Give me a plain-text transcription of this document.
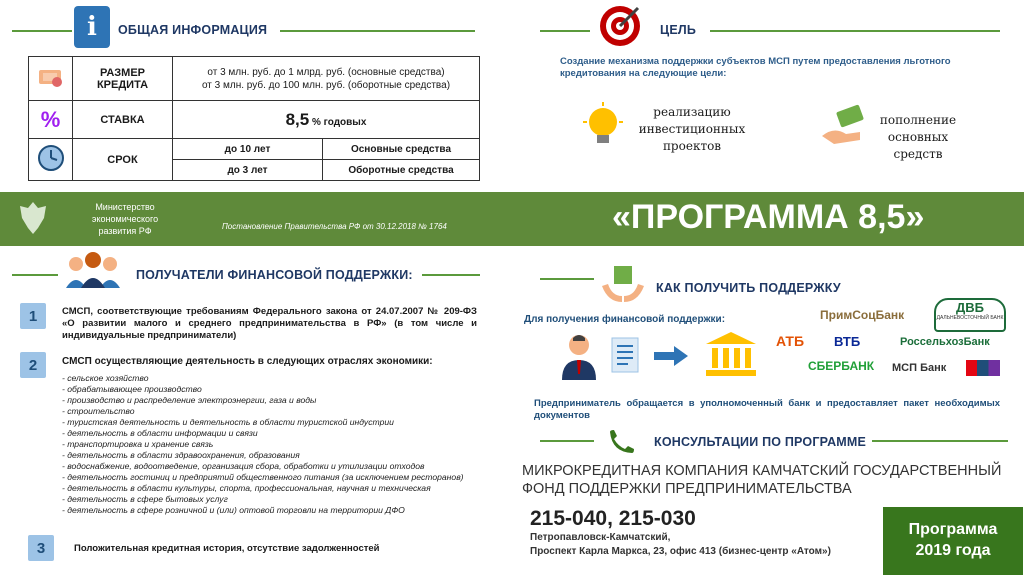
i	ОБЩАЯ ИНФОРМАЦИЯ
	РАЗМЕР КРЕДИТА	от 3 млн. руб. до 1 млрд. руб. (основные средства)
от 3 млн. руб. до 100 млн. руб. (оборотные средства)	

%	СТАВКА	8,5 % годовых	
	СРОК	до 10 лет	Основные средства
		до 3 лет	Оборотные средства
ЦЕЛЬ
Создание механизма поддержки субъектов МСП путем предоставления льготного кредитования на следующие цели:
реализацию инвестиционных проектов
пополнение основных средств
Министерство экономического развития РФ	Постановление Правительства РФ от 30.12.2018 № 1764	«ПРОГРАММА 8,5»
ПОЛУЧАТЕЛИ ФИНАНСОВОЙ ПОДДЕРЖКИ:
1	СМСП, соответствующие требованиям Федерального закона от 24.07.2007 № 209-ФЗ «О развитии малого и среднего предпринимательства в РФ» (в том числе и индивидуальные предприниматели)
2	СМСП осуществляющие деятельность в следующих отраслях экономики:
- сельское хозяйство
- обрабатывающее производство
- производство и распределение электроэнергии, газа и воды
- строительство
- туристская деятельность и деятельность в области туристской индустрии
- деятельность в области информации и связи
- транспортировка и хранение связь
- деятельность в области здравоохранения, образования
- водоснабжение, водоотведение, организация сбора, обработки и утилизации отходов
- деятельность гостиниц и предприятий общественного питания (за исключением ресторанов)
- деятельность в области культуры, спорта, профессиональная, научная и техническая
- деятельность в сфере бытовых услуг
- деятельность в сфере розничной и (или) оптовой торговли на территории ДФО
3	Положительная кредитная история, отсутствие задолженностей
КАК ПОЛУЧИТЬ ПОДДЕРЖКУ
Для получения финансовой поддержки:	ПримСоцБанк	ДВБ
ДАЛЬНЕВОСТОЧНЫЙ БАНК
АТБ ВТБ	РоссельхозБанк
СБЕРБАНК МСП Банк
Предприниматель обращается в уполномоченный банк и предоставляет пакет необходимых документов
КОНСУЛЬТАЦИИ ПО ПРОГРАММЕ
МИКРОКРЕДИТНАЯ КОМПАНИЯ КАМЧАТСКИЙ ГОСУДАРСТВЕННЫЙ ФОНД ПОДДЕРЖКИ ПРЕДПРИНИМАТЕЛЬСТВА
215-040, 215-030
Петропавловск-Камчатский,
Проспект Карла Маркса, 23, офис 413 (бизнес-центр «Атом»)
Программа 2019 года
